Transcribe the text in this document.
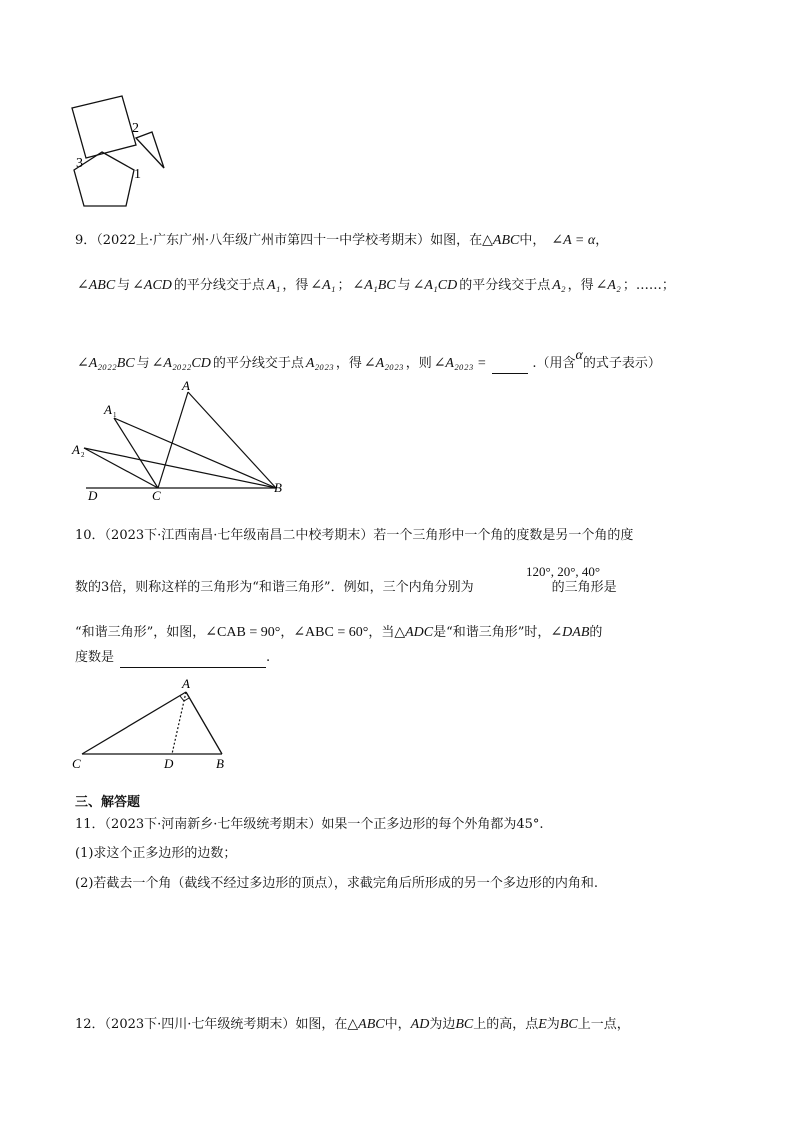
2
3
1
9．（2022上·广东广州·八年级广州市第四十一中学校考期末）如图，在△ABC中， ∠A = α，
∠ABC 与 ∠ACD 的平分线交于点 A₁ ，得 ∠A₁ ； ∠A₁BC 与 ∠A₁CD 的平分线交于点 A₂ ，得 ∠A₂ ；……；
∠A₂₀₂₂BC 与 ∠A₂₀₂₂CD 的平分线交于点 A₂₀₂₃ ，得 ∠A₂₀₂₃ ，则 ∠A₂₀₂₃ =	.（用含α的式子表示）
A
A 1
A 2
D	C
B
10．（2023下·江西南昌·七年级南昌二中校考期末）若一个三角形中一个角的度数是另一个角的度
120°, 20°, 40°
数的3倍，则称这样的三角形为“和谐三角形”．例如，三个内角分别为	的三角形是
“和谐三角形”，如图，∠CAB = 90°，∠ABC = 60°，当△ADC是“和谐三角形”时，∠DAB的
度数是	.
A
C	D	B
三、解答题
11．（2023下·河南新乡·七年级统考期末）如果一个正多边形的每个外角都为45°.
(1)求这个正多边形的边数；
(2)若截去一个角（截线不经过多边形的顶点），求截完角后所形成的另一个多边形的内角和.
12．（2023下·四川·七年级统考期末）如图，在△ABC中，AD为边BC上的高，点E为BC上一点，
